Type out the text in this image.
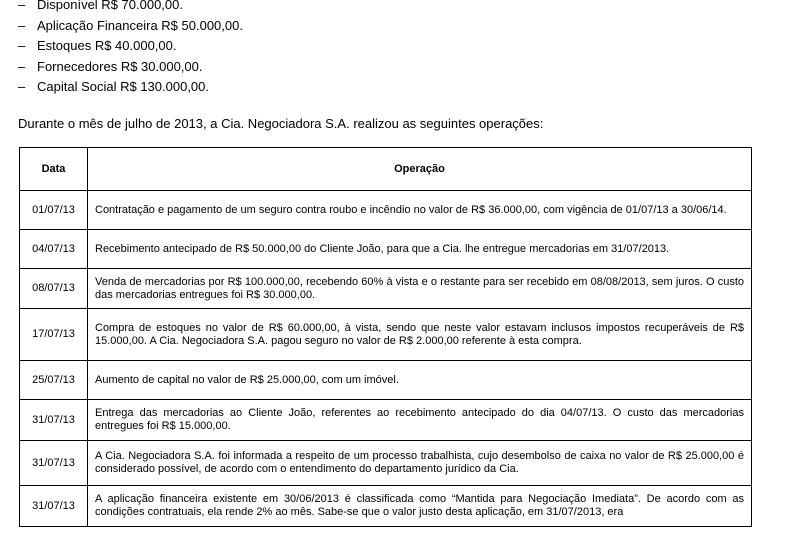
– Disponível R$ 70.000,00.
– Aplicação Financeira R$ 50.000,00.
– Estoques R$ 40.000,00.
– Fornecedores R$ 30.000,00.
– Capital Social R$ 130.000,00.

Durante o mês de julho de 2013, a Cia. Negociadora S.A. realizou as seguintes operações:

Data	Operação
01/07/13	Contratação e pagamento de um seguro contra roubo e incêndio no valor de R$ 36.000,00, com vigência de 01/07/13 a 30/06/14.
04/07/13	Recebimento antecipado de R$ 50.000,00 do Cliente João, para que a Cia. lhe entregue mercadorias em 31/07/2013.
08/07/13	Venda de mercadorias por R$ 100.000,00, recebendo 60% à vista e o restante para ser recebido em 08/08/2013, sem juros. O custo das mercadorias entregues foi R$ 30.000,00.
17/07/13	Compra de estoques no valor de R$ 60.000,00, à vista, sendo que neste valor estavam inclusos impostos recuperáveis de R$ 15.000,00. A Cia. Negociadora S.A. pagou seguro no valor de R$ 2.000,00 referente à esta compra.
25/07/13	Aumento de capital no valor de R$ 25.000,00, com um imóvel.
31/07/13	Entrega das mercadorias ao Cliente João, referentes ao recebimento antecipado do dia 04/07/13. O custo das mercadorias entregues foi R$ 15.000,00.
31/07/13	A Cia. Negociadora S.A. foi informada a respeito de um processo trabalhista, cujo desembolso de caixa no valor de R$ 25.000,00 é considerado possível, de acordo com o entendimento do departamento jurídico da Cia.
31/07/13	A aplicação financeira existente em 30/06/2013 é classificada como “Mantida para Negociação Imediata”. De acordo com as condições contratuais, ela rende 2% ao mês. Sabe-se que o valor justo desta aplicação, em 31/07/2013, era
